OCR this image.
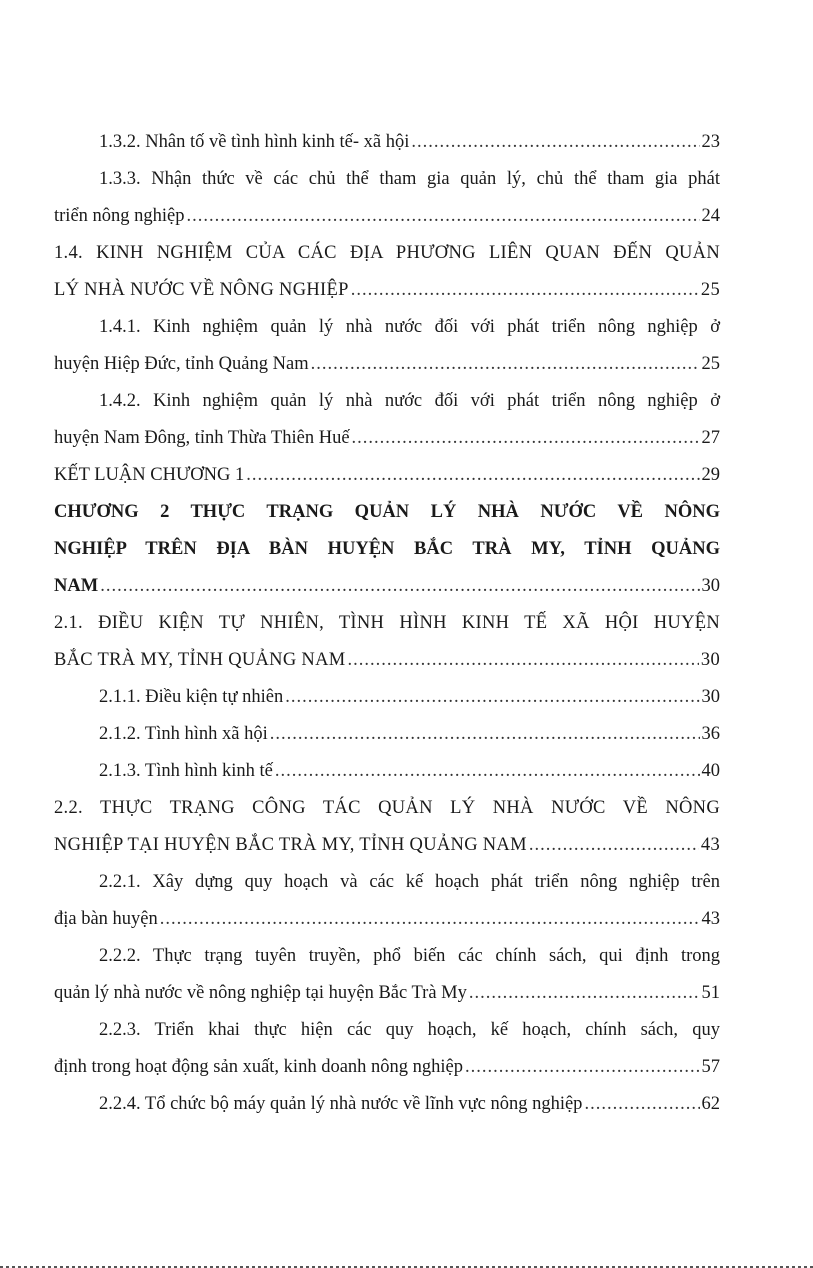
1.3.2. Nhân tố về tình hình kinh tế- xã hội .....	23
1.3.3. Nhận thức về các chủ thể tham gia quản lý, chủ thể tham gia phát
triển nông nghiệp .....	24
1.4. KINH NGHIỆM CỦA CÁC ĐỊA PHƯƠNG LIÊN QUAN ĐẾN QUẢN
LÝ NHÀ NƯỚC VỀ NÔNG NGHIỆP .....	25
1.4.1. Kinh nghiệm quản lý nhà nước đối với phát triển nông nghiệp ở
huyện Hiệp Đức, tỉnh Quảng Nam .....	25
1.4.2. Kinh nghiệm quản lý nhà nước đối với phát triển nông nghiệp ở
huyện Nam Đông, tỉnh Thừa Thiên Huế .....	27
KẾT LUẬN CHƯƠNG 1 .....	29
CHƯƠNG 2 THỰC TRẠNG QUẢN LÝ NHÀ NƯỚC VỀ NÔNG
NGHIỆP TRÊN ĐỊA BÀN HUYỆN BẮC TRÀ MY, TỈNH QUẢNG
NAM .....	30
2.1. ĐIỀU KIỆN TỰ NHIÊN, TÌNH HÌNH KINH TẾ XÃ HỘI HUYỆN
BẮC TRÀ MY, TỈNH QUẢNG NAM .....	30
2.1.1. Điều kiện tự nhiên .....	30
2.1.2. Tình hình xã hội .....	36
2.1.3. Tình hình kinh tế .....	40
2.2. THỰC TRẠNG CÔNG TÁC QUẢN LÝ NHÀ NƯỚC VỀ NÔNG
NGHIỆP TẠI HUYỆN BẮC TRÀ MY, TỈNH QUẢNG NAM .....	43
2.2.1. Xây dựng quy hoạch và các kế hoạch phát triển nông nghiệp trên
địa bàn huyện .....	43
2.2.2. Thực trạng tuyên truyền, phổ biến các chính sách, qui định trong
quản lý nhà nước về nông nghiệp tại huyện Bắc Trà My .....	51
2.2.3. Triển khai thực hiện các quy hoạch, kế hoạch, chính sách, quy
định trong hoạt động sản xuất, kinh doanh nông nghiệp .....	57
2.2.4. Tổ chức bộ máy quản lý nhà nước về lĩnh vực nông nghiệp .....	62
